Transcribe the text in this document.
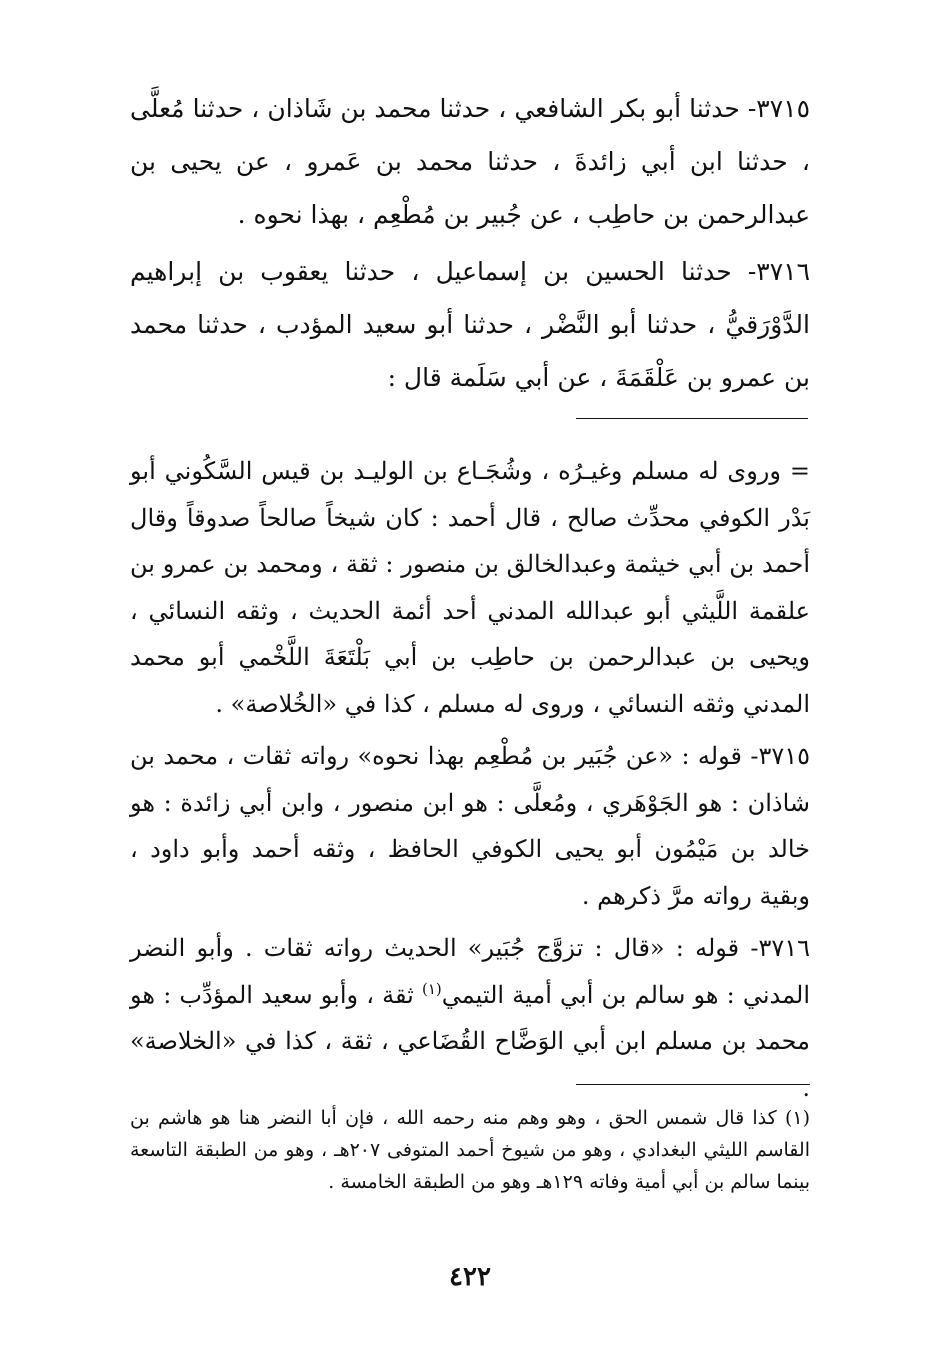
٣٧١٥- حدثنا أبو بكر الشافعي ، حدثنا محمد بن شَاذان ، حدثنا مُعلَّى ، حدثنا ابن أبي زائدةَ ، حدثنا محمد بن عَمرو ، عن يحيى بن عبدالرحمن بن حاطِب ، عن جُبير بن مُطْعِم ، بهذا نحوه .

٣٧١٦- حدثنا الحسين بن إسماعيل ، حدثنا يعقوب بن إبراهيم الدَّوْرَقيُّ ، حدثنا أبو النَّضْر ، حدثنا أبو سعيد المؤدب ، حدثنا محمد بن عمرو بن عَلْقَمَةَ ، عن أبي سَلَمة قال :

= وروى له مسلم وغيـرُه ، وشُجَـاع بن الوليـد بن قيس السَّكُوني أبو بَدْر الكوفي محدِّث صالح ، قال أحمد : كان شيخاً صالحاً صدوقاً وقال أحمد بن أبي خيثمة وعبدالخالق بن منصور : ثقة ، ومحمد بن عمرو بن علقمة اللَّيثي أبو عبدالله المدني أحد أئمة الحديث ، وثقه النسائي ، ويحيى بن عبدالرحمن بن حاطِب بن أبي بَلْتَعَةَ اللَّخْمي أبو محمد المدني وثقه النسائي ، وروى له مسلم ، كذا في «الخُلاصة» .

٣٧١٥- قوله : «عن جُبَير بن مُطْعِم بهذا نحوه» رواته ثقات ، محمد بن شاذان : هو الجَوْهَري ، ومُعلَّى : هو ابن منصور ، وابن أبي زائدة : هو خالد بن مَيْمُون أبو يحيى الكوفي الحافظ ، وثقه أحمد وأبو داود ، وبقية رواته مرَّ ذكرهم .

٣٧١٦- قوله : «قال : تزوَّج جُبَير» الحديث رواته ثقات . وأبو النضر المدني : هو سالم بن أبي أمية التيمي$^{(١)}$ ثقة ، وأبو سعيد المؤدِّب : هو محمد بن مسلم ابن أبي الوَضَّاح القُضَاعي ، ثقة ، كذا في «الخلاصة» .

(١) كذا قال شمس الحق ، وهو وهم منه رحمه الله ، فإن أبا النضر هنا هو هاشم بن القاسم الليثي البغدادي ، وهو من شيوخ أحمد المتوفى ٢٠٧هـ ، وهو من الطبقة التاسعة بينما سالم بن أبي أمية وفاته ١٢٩هـ وهو من الطبقة الخامسة .

٤٢٢
